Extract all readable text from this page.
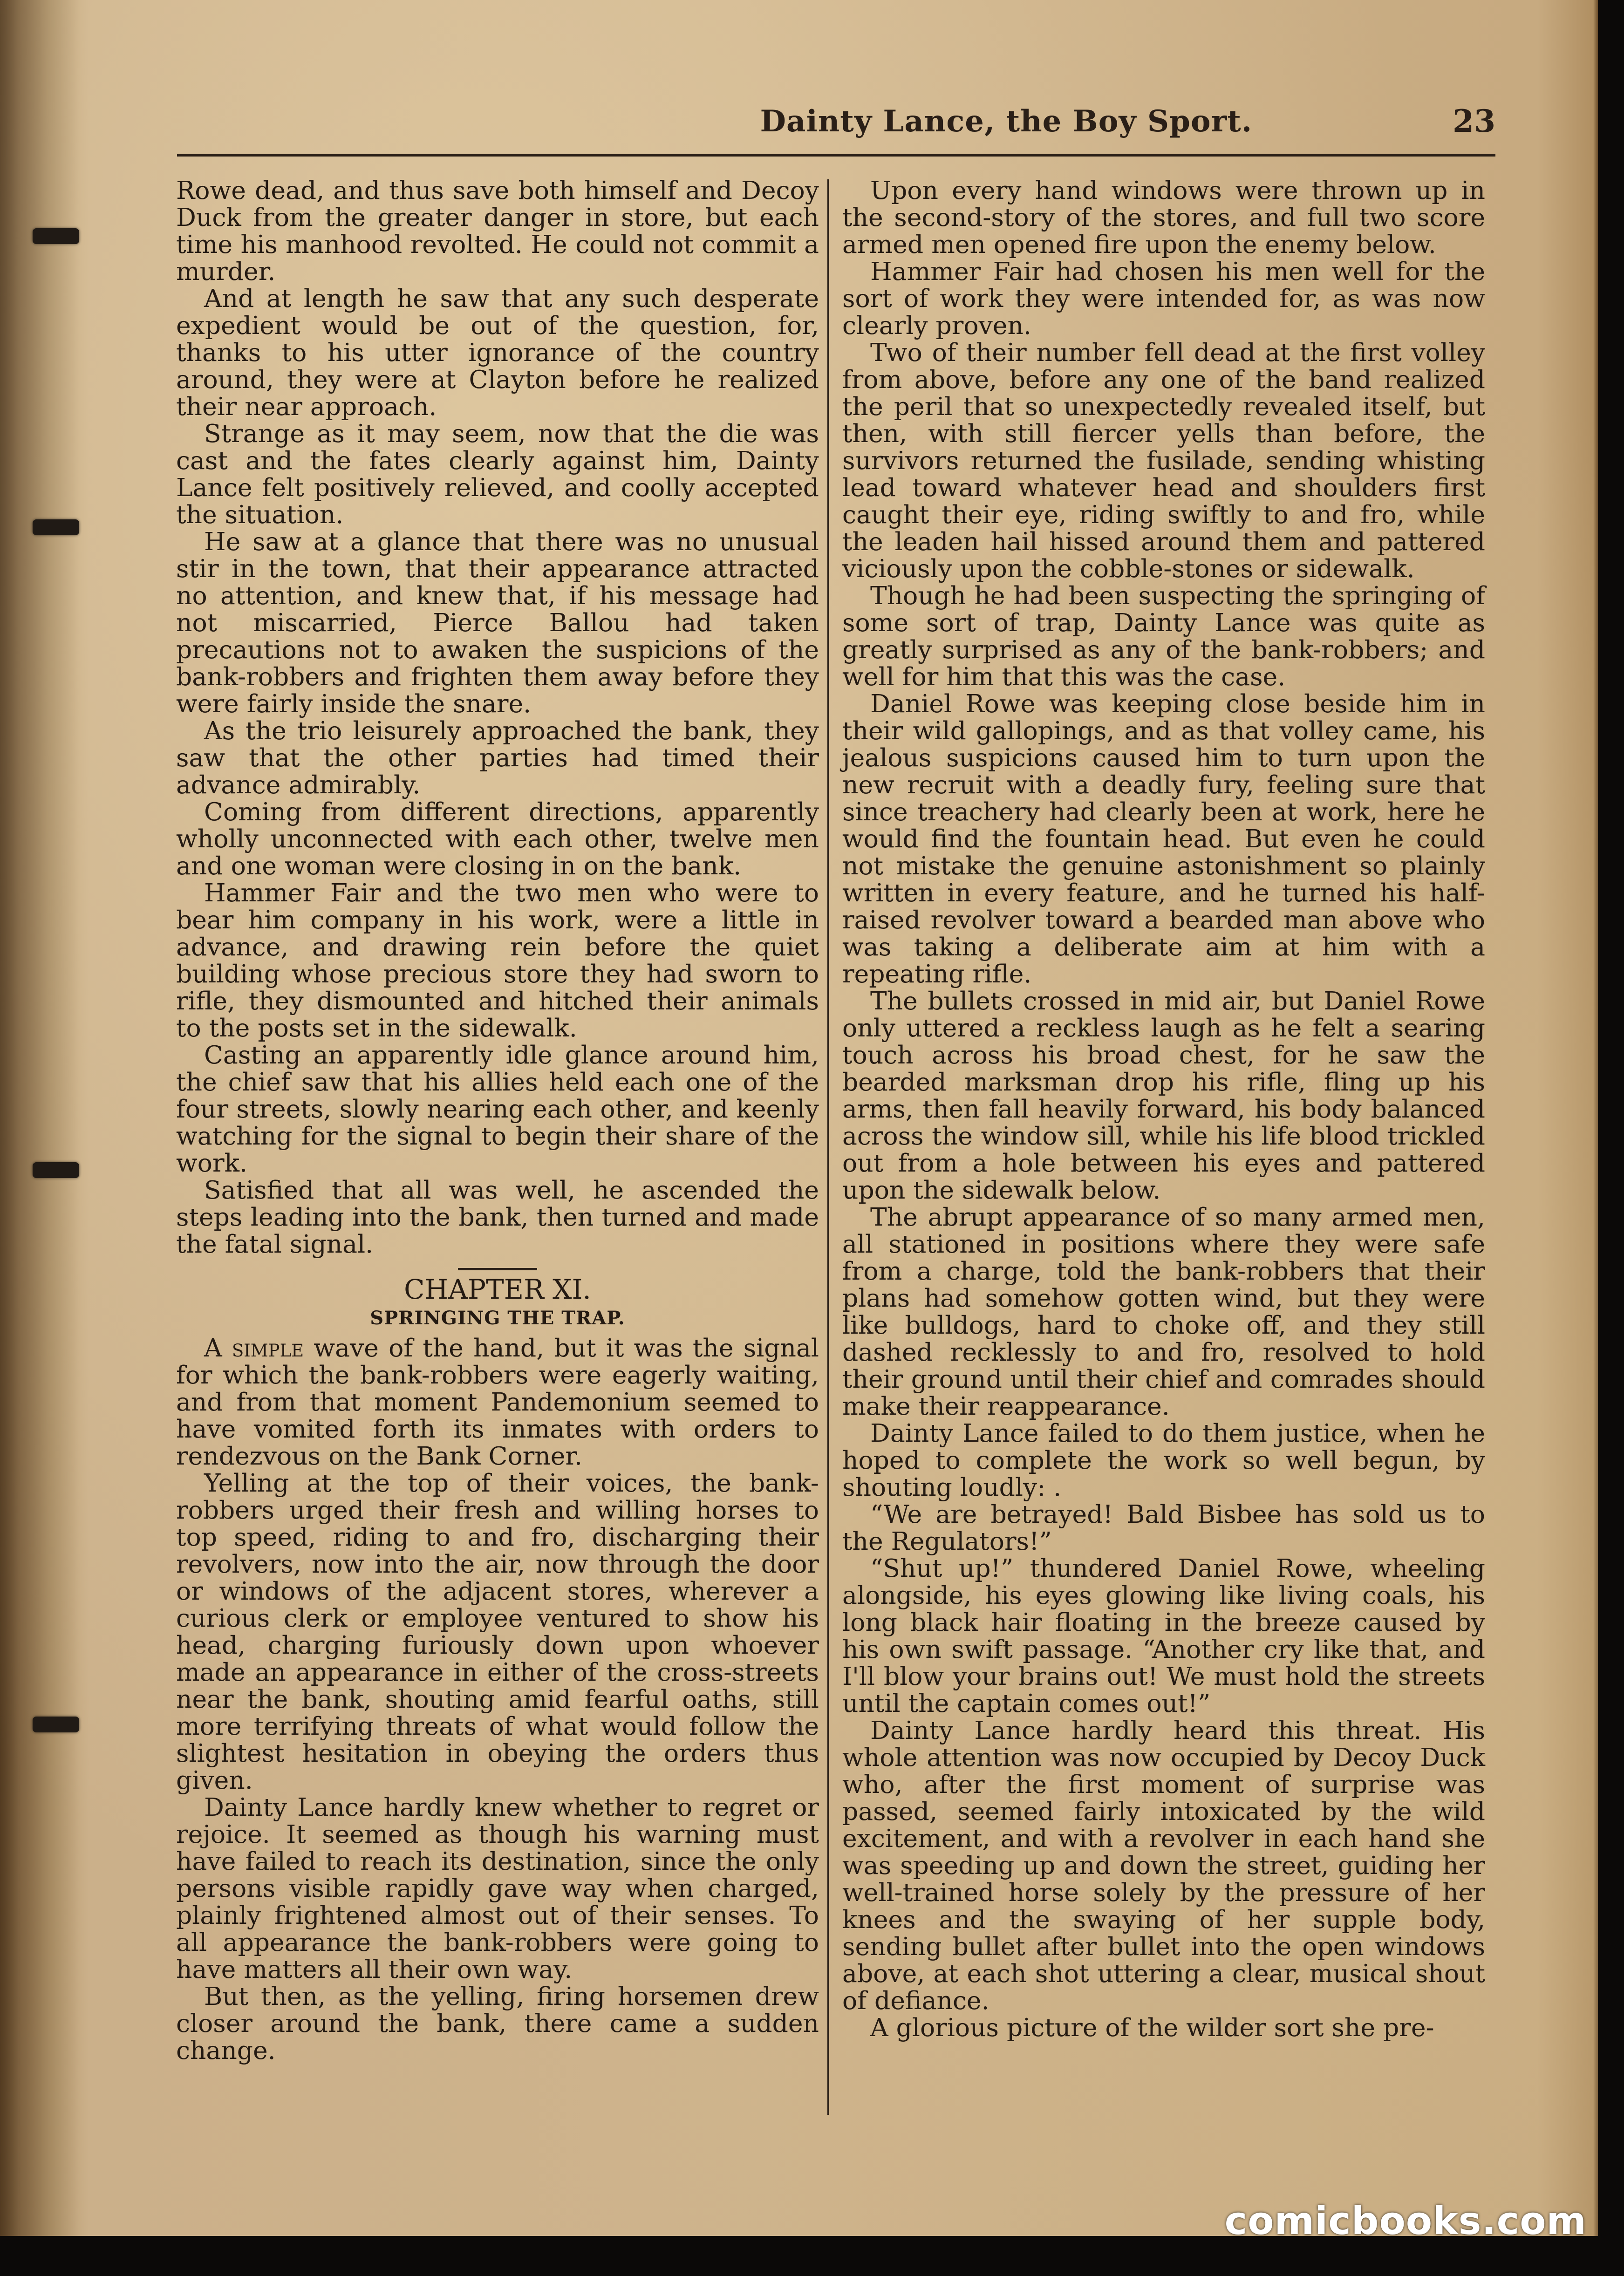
Dainty Lance, the Boy Sport.	23

Rowe dead, and thus save both himself and Decoy Duck from the greater danger in store, but each time his manhood revolted. He could not commit a murder.

And at length he saw that any such desperate expedient would be out of the question, for, thanks to his utter ignorance of the country around, they were at Clayton before he realized their near approach.

Strange as it may seem, now that the die was cast and the fates clearly against him, Dainty Lance felt positively relieved, and coolly accepted the situation.

He saw at a glance that there was no unusual stir in the town, that their appearance attracted no attention, and knew that, if his message had not miscarried, Pierce Ballou had taken precautions not to awaken the suspicions of the bank-robbers and frighten them away before they were fairly inside the snare.

As the trio leisurely approached the bank, they saw that the other parties had timed their advance admirably.

Coming from different directions, apparently wholly unconnected with each other, twelve men and one woman were closing in on the bank.

Hammer Fair and the two men who were to bear him company in his work, were a little in advance, and drawing rein before the quiet building whose precious store they had sworn to rifle, they dismounted and hitched their animals to the posts set in the sidewalk.

Casting an apparently idle glance around him, the chief saw that his allies held each one of the four streets, slowly nearing each other, and keenly watching for the signal to begin their share of the work.

Satisfied that all was well, he ascended the steps leading into the bank, then turned and made the fatal signal.

CHAPTER XI.

SPRINGING THE TRAP.

A simple wave of the hand, but it was the signal for which the bank-robbers were eagerly waiting, and from that moment Pandemonium seemed to have vomited forth its inmates with orders to rendezvous on the Bank Corner.

Yelling at the top of their voices, the bank-robbers urged their fresh and willing horses to top speed, riding to and fro, discharging their revolvers, now into the air, now through the door or windows of the adjacent stores, wherever a curious clerk or employee ventured to show his head, charging furiously down upon whoever made an appearance in either of the cross-streets near the bank, shouting amid fearful oaths, still more terrifying threats of what would follow the slightest hesitation in obeying the orders thus given.

Dainty Lance hardly knew whether to regret or rejoice. It seemed as though his warning must have failed to reach its destination, since the only persons visible rapidly gave way when charged, plainly frightened almost out of their senses. To all appearance the bank-robbers were going to have matters all their own way.

But then, as the yelling, firing horsemen drew closer around the bank, there came a sudden change.

Upon every hand windows were thrown up in the second-story of the stores, and full two score armed men opened fire upon the enemy below.

Hammer Fair had chosen his men well for the sort of work they were intended for, as was now clearly proven.

Two of their number fell dead at the first volley from above, before any one of the band realized the peril that so unexpectedly revealed itself, but then, with still fiercer yells than before, the survivors returned the fusilade, sending whisting lead toward whatever head and shoulders first caught their eye, riding swiftly to and fro, while the leaden hail hissed around them and pattered viciously upon the cobble-stones or sidewalk.

Though he had been suspecting the springing of some sort of trap, Dainty Lance was quite as greatly surprised as any of the bank-robbers; and well for him that this was the case.

Daniel Rowe was keeping close beside him in their wild gallopings, and as that volley came, his jealous suspicions caused him to turn upon the new recruit with a deadly fury, feeling sure that since treachery had clearly been at work, here he would find the fountain head. But even he could not mistake the genuine astonishment so plainly written in every feature, and he turned his half-raised revolver toward a bearded man above who was taking a deliberate aim at him with a repeating rifle.

The bullets crossed in mid air, but Daniel Rowe only uttered a reckless laugh as he felt a searing touch across his broad chest, for he saw the bearded marksman drop his rifle, fling up his arms, then fall heavily forward, his body balanced across the window sill, while his life blood trickled out from a hole between his eyes and pattered upon the sidewalk below.

The abrupt appearance of so many armed men, all stationed in positions where they were safe from a charge, told the bank-robbers that their plans had somehow gotten wind, but they were like bulldogs, hard to choke off, and they still dashed recklessly to and fro, resolved to hold their ground until their chief and comrades should make their reappearance.

Dainty Lance failed to do them justice, when he hoped to complete the work so well begun, by shouting loudly: .

“We are betrayed! Bald Bisbee has sold us to the Regulators!”

“Shut up!” thundered Daniel Rowe, wheeling alongside, his eyes glowing like living coals, his long black hair floating in the breeze caused by his own swift passage. “Another cry like that, and I'll blow your brains out! We must hold the streets until the captain comes out!”

Dainty Lance hardly heard this threat. His whole attention was now occupied by Decoy Duck who, after the first moment of surprise was passed, seemed fairly intoxicated by the wild excitement, and with a revolver in each hand she was speeding up and down the street, guiding her well-trained horse solely by the pressure of her knees and the swaying of her supple body, sending bullet after bullet into the open windows above, at each shot uttering a clear, musical shout of defiance.

A glorious picture of the wilder sort she pre-

comicbooks.com
